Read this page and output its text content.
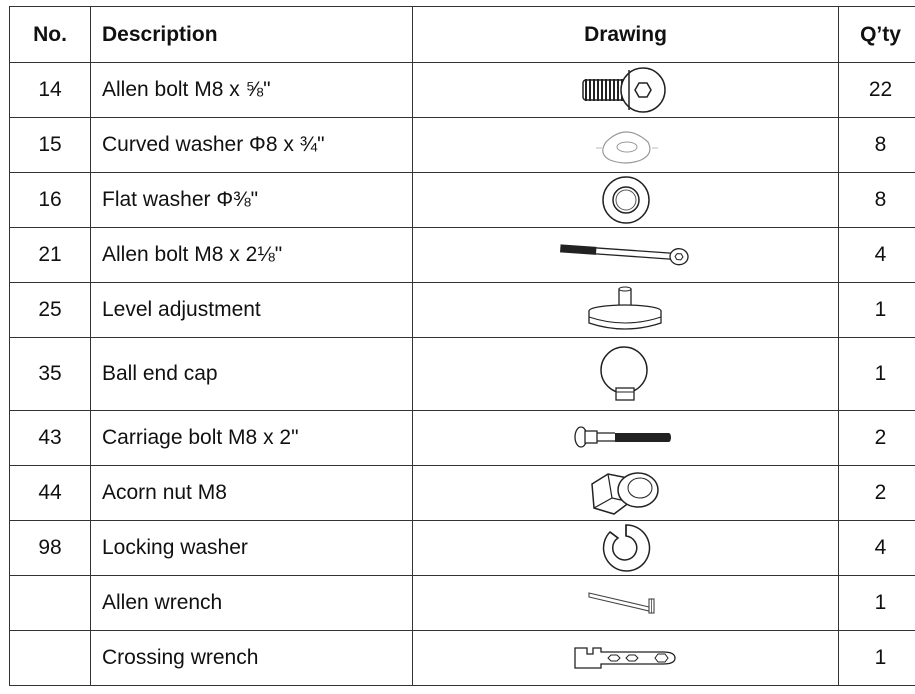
No.	Description	Drawing	Q’ty
14	Allen bolt M8 x ⅝"		22
15	Curved washer Φ8 x ¾"		8
16	Flat washer Φ⅜"		8
21	Allen bolt M8 x 2⅛"		4
25	Level adjustment		1
35	Ball end cap		1
43	Carriage bolt M8 x 2"		2
44	Acorn nut M8		2
98	Locking washer		4
	Allen wrench		1
	Crossing wrench		1
